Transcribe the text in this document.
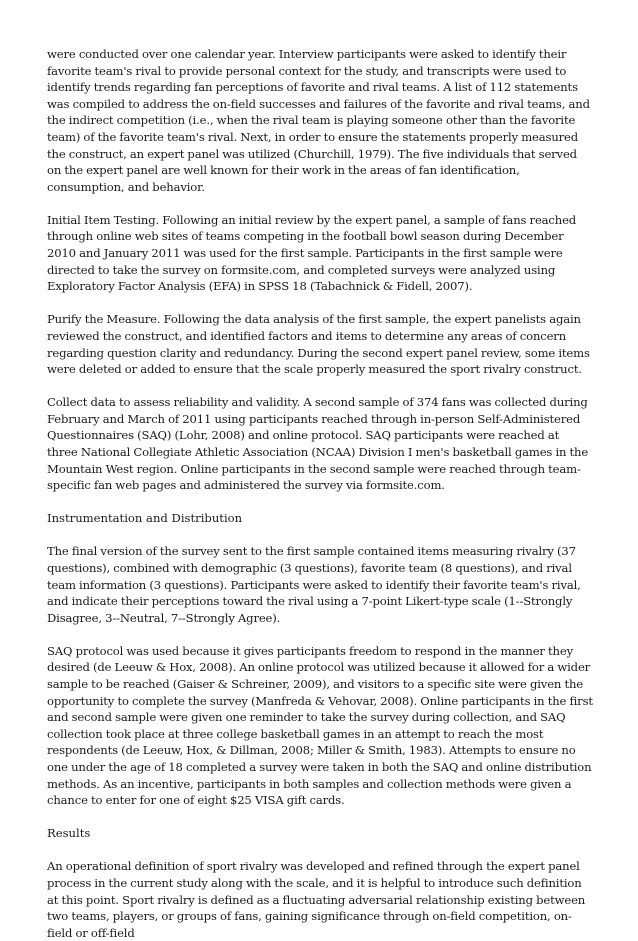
were conducted over one calendar year. Interview participants were asked to identify their favorite team's rival to provide personal context for the study, and transcripts were used to identify trends regarding fan perceptions of favorite and rival teams. A list of 112 statements was compiled to address the on-field successes and failures of the favorite and rival teams, and the indirect competition (i.e., when the rival team is playing someone other than the favorite team) of the favorite team's rival. Next, in order to ensure the statements properly measured the construct, an expert panel was utilized (Churchill, 1979). The five individuals that served on the expert panel are well known for their work in the areas of fan identification, consumption, and behavior.

Initial Item Testing. Following an initial review by the expert panel, a sample of fans reached through online web sites of teams competing in the football bowl season during December 2010 and January 2011 was used for the first sample. Participants in the first sample were directed to take the survey on formsite.com, and completed surveys were analyzed using Exploratory Factor Analysis (EFA) in SPSS 18 (Tabachnick & Fidell, 2007).

Purify the Measure. Following the data analysis of the first sample, the expert panelists again reviewed the construct, and identified factors and items to determine any areas of concern regarding question clarity and redundancy. During the second expert panel review, some items were deleted or added to ensure that the scale properly measured the sport rivalry construct.

Collect data to assess reliability and validity. A second sample of 374 fans was collected during February and March of 2011 using participants reached through in-person Self-Administered Questionnaires (SAQ) (Lohr, 2008) and online protocol. SAQ participants were reached at three National Collegiate Athletic Association (NCAA) Division I men's basketball games in the Mountain West region. Online participants in the second sample were reached through team-specific fan web pages and administered the survey via formsite.com.

Instrumentation and Distribution

The final version of the survey sent to the first sample contained items measuring rivalry (37 questions), combined with demographic (3 questions), favorite team (8 questions), and rival team information (3 questions). Participants were asked to identify their favorite team's rival, and indicate their perceptions toward the rival using a 7-point Likert-type scale (1--Strongly Disagree, 3--Neutral, 7--Strongly Agree).

SAQ protocol was used because it gives participants freedom to respond in the manner they desired (de Leeuw & Hox, 2008). An online protocol was utilized because it allowed for a wider sample to be reached (Gaiser & Schreiner, 2009), and visitors to a specific site were given the opportunity to complete the survey (Manfreda & Vehovar, 2008). Online participants in the first and second sample were given one reminder to take the survey during collection, and SAQ collection took place at three college basketball games in an attempt to reach the most respondents (de Leeuw, Hox, & Dillman, 2008; Miller & Smith, 1983). Attempts to ensure no one under the age of 18 completed a survey were taken in both the SAQ and online distribution methods. As an incentive, participants in both samples and collection methods were given a chance to enter for one of eight $25 VISA gift cards.

Results

An operational definition of sport rivalry was developed and refined through the expert panel process in the current study along with the scale, and it is helpful to introduce such definition at this point. Sport rivalry is defined as a fluctuating adversarial relationship existing between two teams, players, or groups of fans, gaining significance through on-field competition, on-field or off-field
